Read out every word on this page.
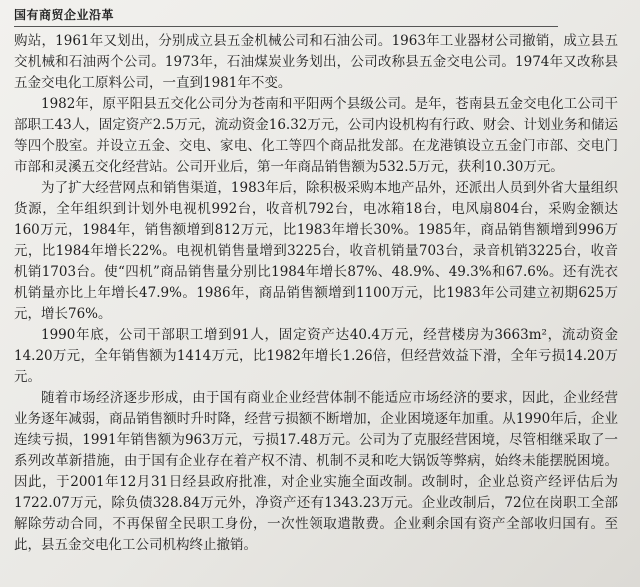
国有商贸企业沿革

购站，1961年又划出，分别成立县五金机械公司和石油公司。1963年工业器材公司撤销，成立县五交机械和石油两个公司。1973年，石油煤炭业务划出，公司改称县五金交电公司。1974年又改称县五金交电化工原料公司，一直到1981年不变。

1982年，原平阳县五交化公司分为苍南和平阳两个县级公司。是年，苍南县五金交电化工公司干部职工43人，固定资产2.5万元，流动资金16.32万元，公司内设机构有行政、财会、计划业务和储运等四个股室。并设立五金、交电、家电、化工等四个商品批发部。在龙港镇设立五金门市部、交电门市部和灵溪五交化经营站。公司开业后，第一年商品销售额为532.5万元，获利10.30万元。

为了扩大经营网点和销售渠道，1983年后，除积极采购本地产品外，还派出人员到外省大量组织货源，全年组织到计划外电视机992台，收音机792台，电冰箱18台，电风扇804台，采购金额达160万元，1984年，销售额增到812万元，比1983年增长30%。1985年，商品销售额增到996万元，比1984年增长22%。电视机销售量增到3225台，收音机销量703台，录音机销3225台，收音机销1703台。使“四机”商品销售量分别比1984年增长87%、48.9%、49.3%和67.6%。还有洗衣机销量亦比上年增长47.9%。1986年，商品销售额增到1100万元，比1983年公司建立初期625万元，增长76%。

1990年底，公司干部职工增到91人，固定资产达40.4万元，经营楼房为3663m²，流动资金14.20万元，全年销售额为1414万元，比1982年增长1.26倍，但经营效益下滑，全年亏损14.20万元。

随着市场经济逐步形成，由于国有商业企业经营体制不能适应市场经济的要求，因此，企业经营业务逐年减弱，商品销售额时升时降，经营亏损额不断增加，企业困境逐年加重。从1990年后，企业连续亏损，1991年销售额为963万元，亏损17.48万元。公司为了克服经营困境，尽管相继采取了一系列改革新措施，由于国有企业存在着产权不清、机制不灵和吃大锅饭等弊病，始终未能摆脱困境。因此，于2001年12月31日经县政府批准，对企业实施全面改制。改制时，企业总资产经评估后为1722.07万元，除负债328.84万元外，净资产还有1343.23万元。企业改制后，72位在岗职工全部解除劳动合同，不再保留全民职工身份，一次性领取遣散费。企业剩余国有资产全部收归国有。至此，县五金交电化工公司机构终止撤销。
